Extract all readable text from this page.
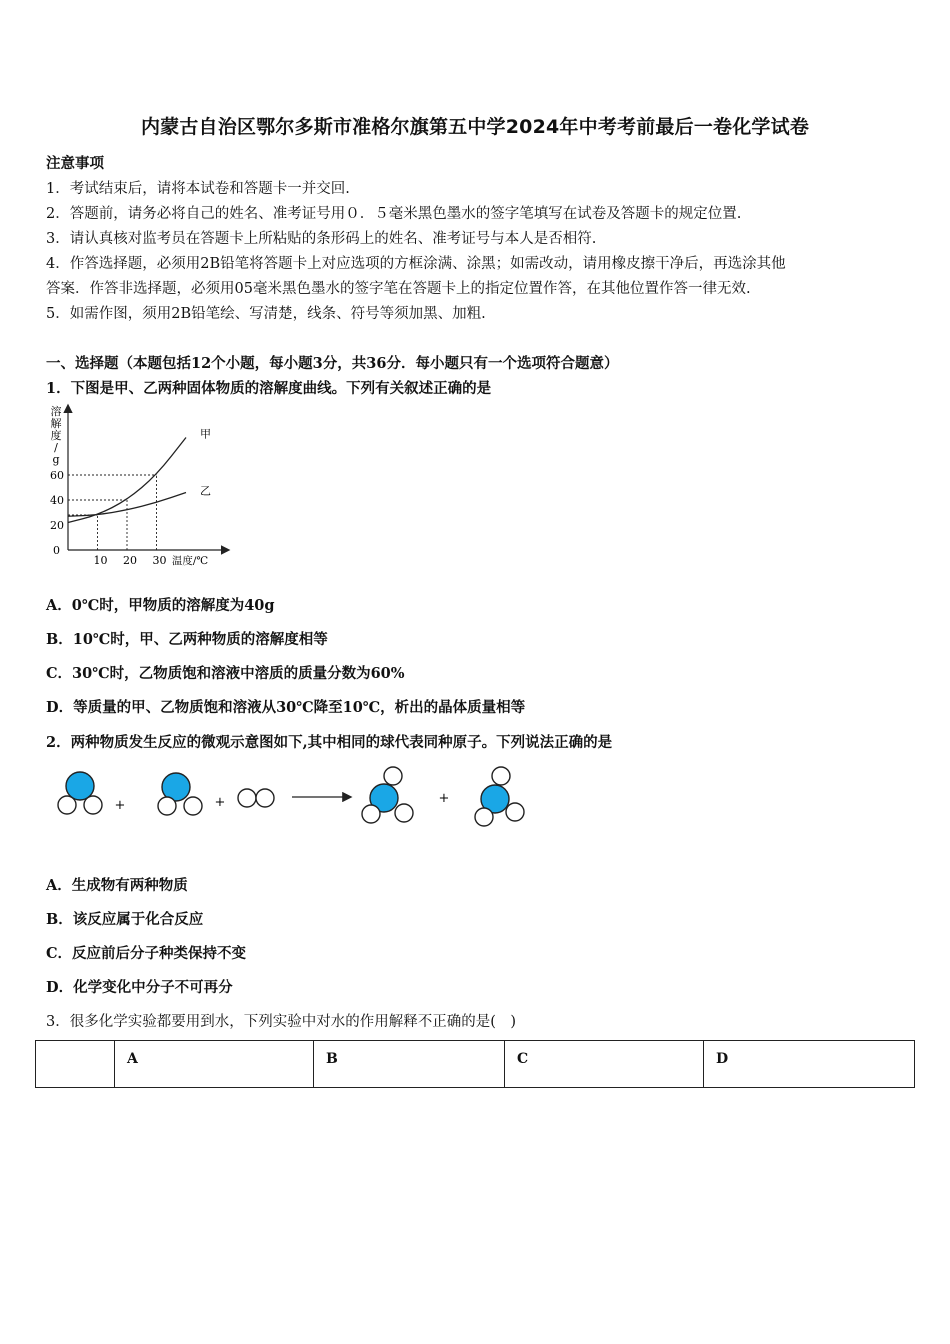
内蒙古自治区鄂尔多斯市准格尔旗第五中学2024年中考考前最后一卷化学试卷
注意事项
1．考试结束后，请将本试卷和答题卡一并交回.
2．答题前，请务必将自己的姓名、准考证号用０．５毫米黑色墨水的签字笔填写在试卷及答题卡的规定位置.
3．请认真核对监考员在答题卡上所粘贴的条形码上的姓名、准考证号与本人是否相符.
4．作答选择题，必须用2B铅笔将答题卡上对应选项的方框涂满、涂黑；如需改动，请用橡皮擦干净后，再选涂其他
答案．作答非选择题，必须用05毫米黑色墨水的签字笔在答题卡上的指定位置作答，在其他位置作答一律无效.
5．如需作图，须用2B铅笔绘、写清楚，线条、符号等须加黑、加粗.
一、选择题（本题包括12个小题，每小题3分，共36分．每小题只有一个选项符合题意）
1．下图是甲、乙两种固体物质的溶解度曲线。下列有关叙述正确的是
溶
解
度
/
g
0
20
40
60
10 20 30 温度/℃
甲
乙
A．0℃时，甲物质的溶解度为40g
B．10℃时，甲、乙两种物质的溶解度相等
C．30℃时，乙物质饱和溶液中溶质的质量分数为60%
D．等质量的甲、乙物质饱和溶液从30℃降至10℃，析出的晶体质量相等
2．两种物质发生反应的微观示意图如下,其中相同的球代表同种原子。下列说法正确的是
+	+	+
A．生成物有两种物质
B．该反应属于化合反应
C．反应前后分子种类保持不变
D．化学变化中分子不可再分
3．很多化学实验都要用到水，下列实验中对水的作用解释不正确的是(　)
	A	B	C	D
